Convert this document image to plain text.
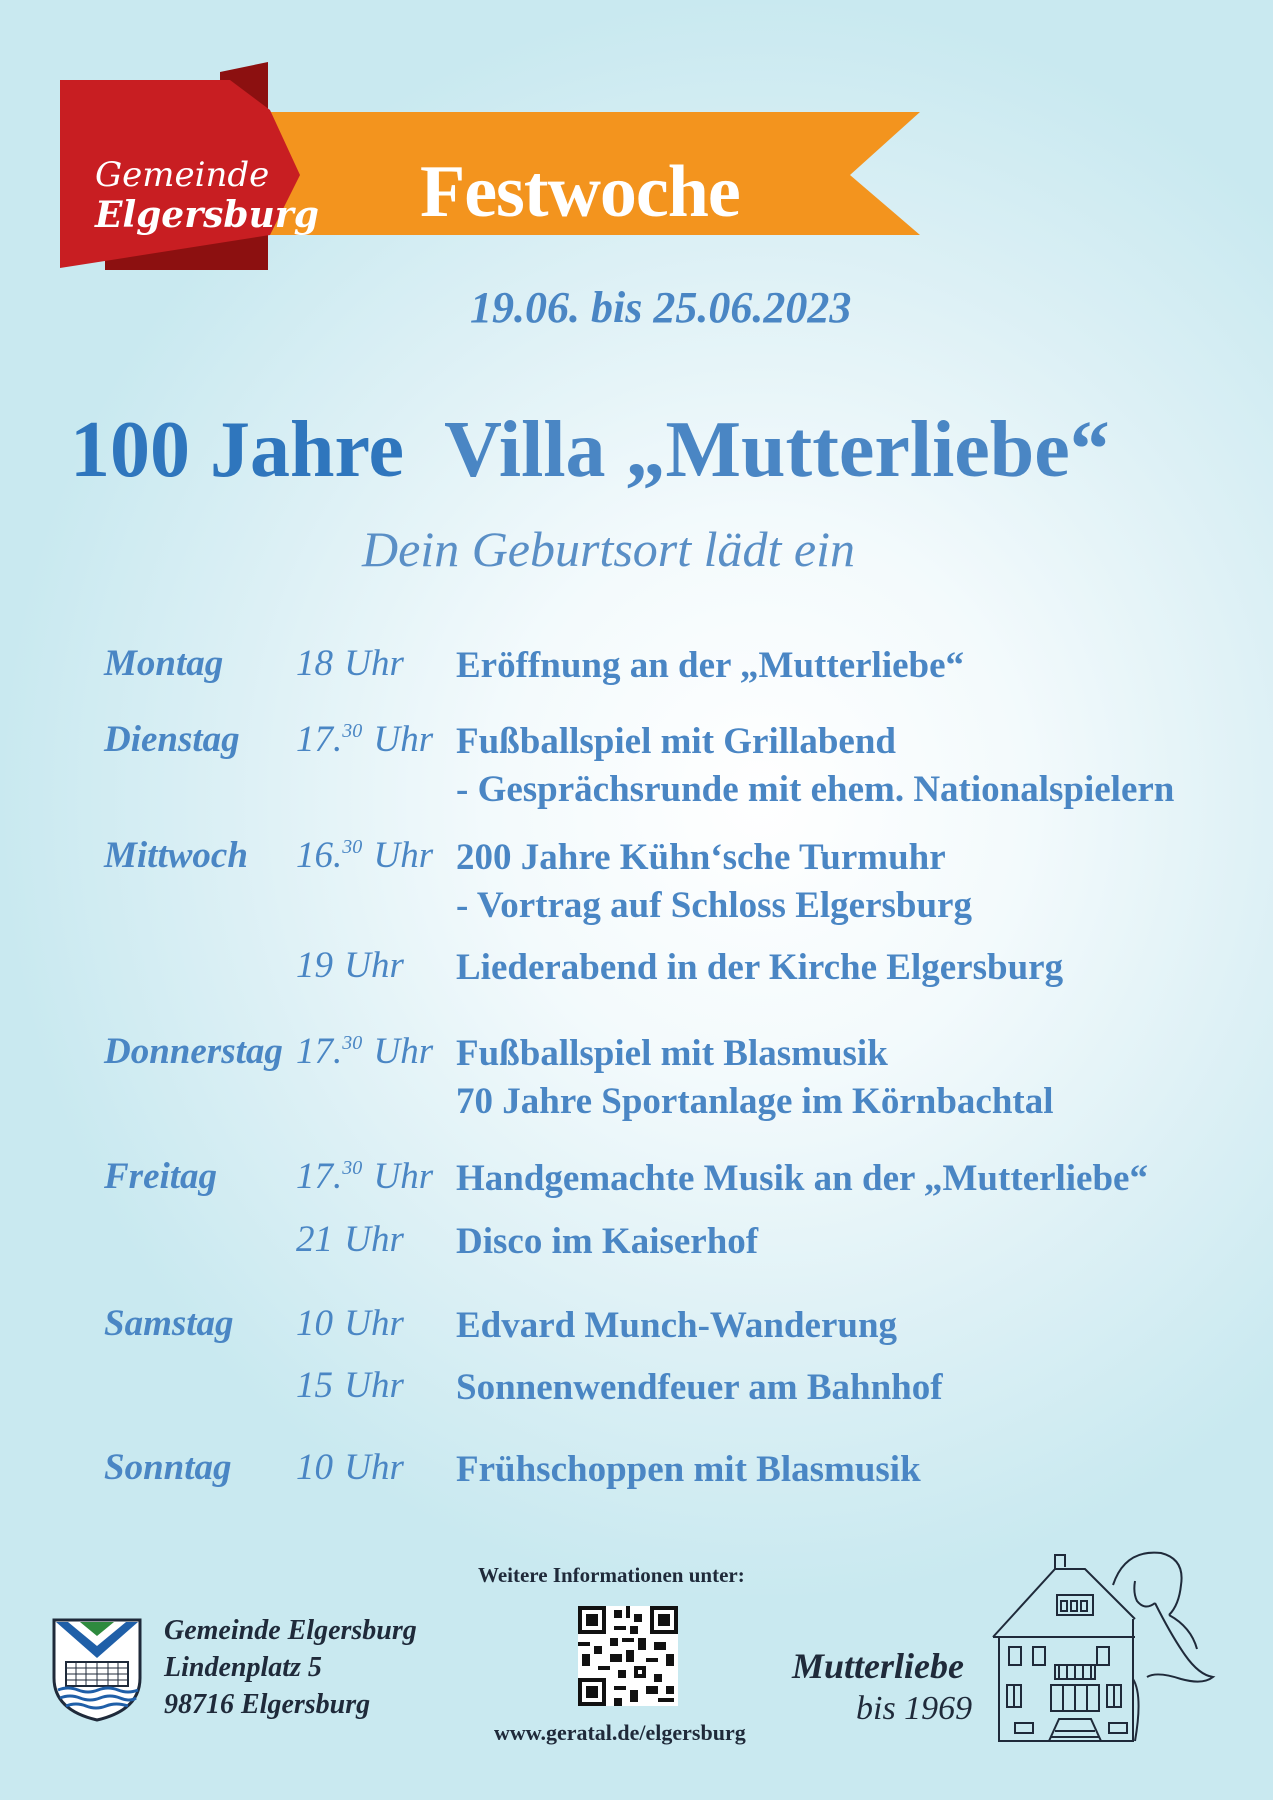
Gemeinde
Elgersburg Festwoche
19.06. bis 25.06.2023
100 Jahre Villa „Mutterliebe“
Dein Geburtsort lädt ein
Montag 18 Uhr Eröffnung an der „Mutterliebe“
Dienstag 17.30 Uhr Fußballspiel mit Grillabend
- Gesprächsrunde mit ehem. Nationalspielern
Mittwoch 16.30 Uhr 200 Jahre Kühn‘sche Turmuhr
- Vortrag auf Schloss Elgersburg
19 Uhr Liederabend in der Kirche Elgersburg
Donnerstag 17.30 Uhr Fußballspiel mit Blasmusik
70 Jahre Sportanlage im Körnbachtal
Freitag 17.30 Uhr Handgemachte Musik an der „Mutterliebe“
21 Uhr Disco im Kaiserhof
Samstag 10 Uhr Edvard Munch-Wanderung
15 Uhr Sonnenwendfeuer am Bahnhof
Sonntag 10 Uhr Frühschoppen mit Blasmusik
Gemeinde Elgersburg
Lindenplatz 5
98716 Elgersburg
Weitere Informationen unter:
www.geratal.de/elgersburg
Mutterliebe
bis 1969
